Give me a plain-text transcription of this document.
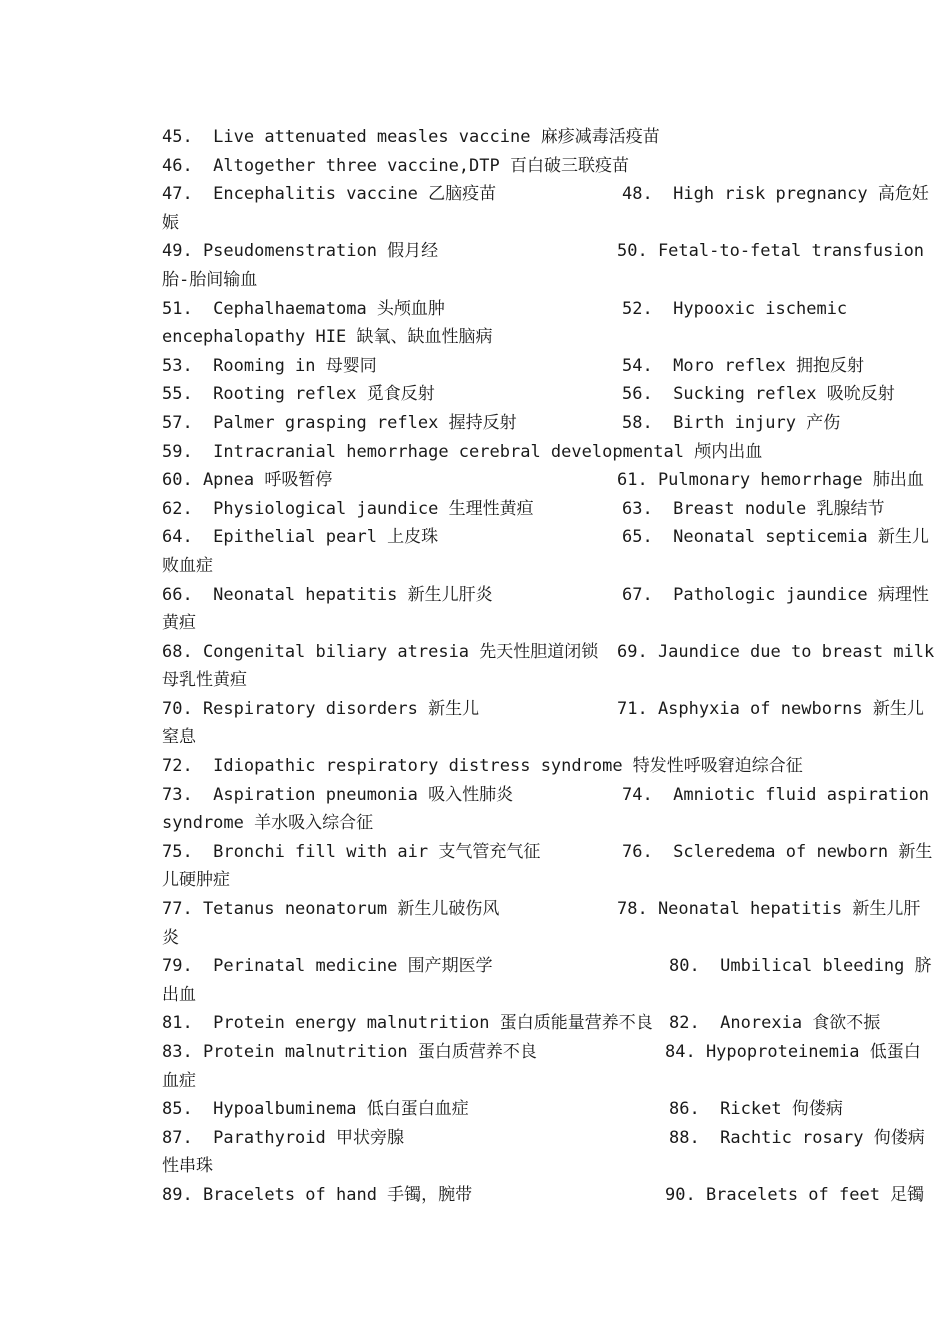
45.  Live attenuated measles vaccine 麻疹减毒活疫苗
46.  Altogether three vaccine,DTP 百白破三联疫苗
47.  Encephalitis vaccine 乙脑疫苗	48.  High risk pregnancy 高危妊
娠
49. Pseudomenstration 假月经	50. Fetal-to-fetal transfusion
胎-胎间输血
51.  Cephalhaematoma 头颅血肿	52.  Hypooxic ischemic
encephalopathy HIE 缺氧、缺血性脑病
53.  Rooming in 母婴同	54.  Moro reflex 拥抱反射
55.  Rooting reflex 觅食反射	56.  Sucking reflex 吸吮反射
57.  Palmer grasping reflex 握持反射	58.  Birth injury 产伤
59.  Intracranial hemorrhage cerebral developmental 颅内出血
60. Apnea 呼吸暂停	61. Pulmonary hemorrhage 肺出血
62.  Physiological jaundice 生理性黄疸	63.  Breast nodule 乳腺结节
64.  Epithelial pearl 上皮珠	65.  Neonatal septicemia 新生儿
败血症
66.  Neonatal hepatitis 新生儿肝炎	67.  Pathologic jaundice 病理性
黄疸
68. Congenital biliary atresia 先天性胆道闭锁 69. Jaundice due to breast milk
母乳性黄疸
70. Respiratory disorders 新生儿	71. Asphyxia of newborns 新生儿
窒息
72.  Idiopathic respiratory distress syndrome 特发性呼吸窘迫综合征
73.  Aspiration pneumonia 吸入性肺炎	74.  Amniotic fluid aspiration
syndrome 羊水吸入综合征
75.  Bronchi fill with air 支气管充气征	76.  Scleredema of newborn 新生
儿硬肿症
77. Tetanus neonatorum 新生儿破伤风	78. Neonatal hepatitis 新生儿肝
炎
79.  Perinatal medicine 围产期医学	80.  Umbilical bleeding 脐
出血
81.  Protein energy malnutrition 蛋白质能量营养不良 82.  Anorexia 食欲不振
83. Protein malnutrition 蛋白质营养不良	84. Hypoproteinemia 低蛋白
血症
85.  Hypoalbuminema 低白蛋白血症	86.  Ricket 佝偻病
87.  Parathyroid 甲状旁腺	88.  Rachtic rosary 佝偻病
性串珠
89. Bracelets of hand 手镯，腕带	90. Bracelets of feet 足镯
